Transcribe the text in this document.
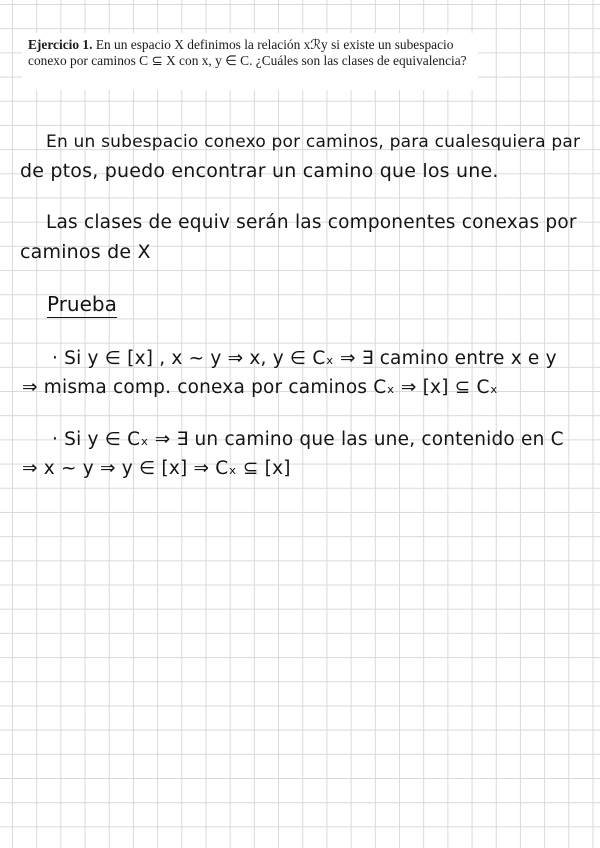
Ejercicio 1. En un espacio X definimos la relación xℛy si existe un subespacio conexo por caminos C ⊆ X con x, y ∈ C. ¿Cuáles son las clases de equivalencia?
En un subespacio conexo por caminos, para cualesquiera par
de ptos, puedo encontrar un camino que los une.
Las clases de equiv serán las componentes conexas por
caminos de X
Prueba
· Si y ∈ [x] , x ~ y ⇒ x, y ∈ Cₓ ⇒ ∃ camino entre x e y
⇒ misma comp. conexa por caminos Cₓ ⇒ [x] ⊆ Cₓ
· Si y ∈ Cₓ ⇒ ∃ un camino que las une, contenido en C
⇒ x ~ y ⇒ y ∈ [x] ⇒ Cₓ ⊆ [x]
